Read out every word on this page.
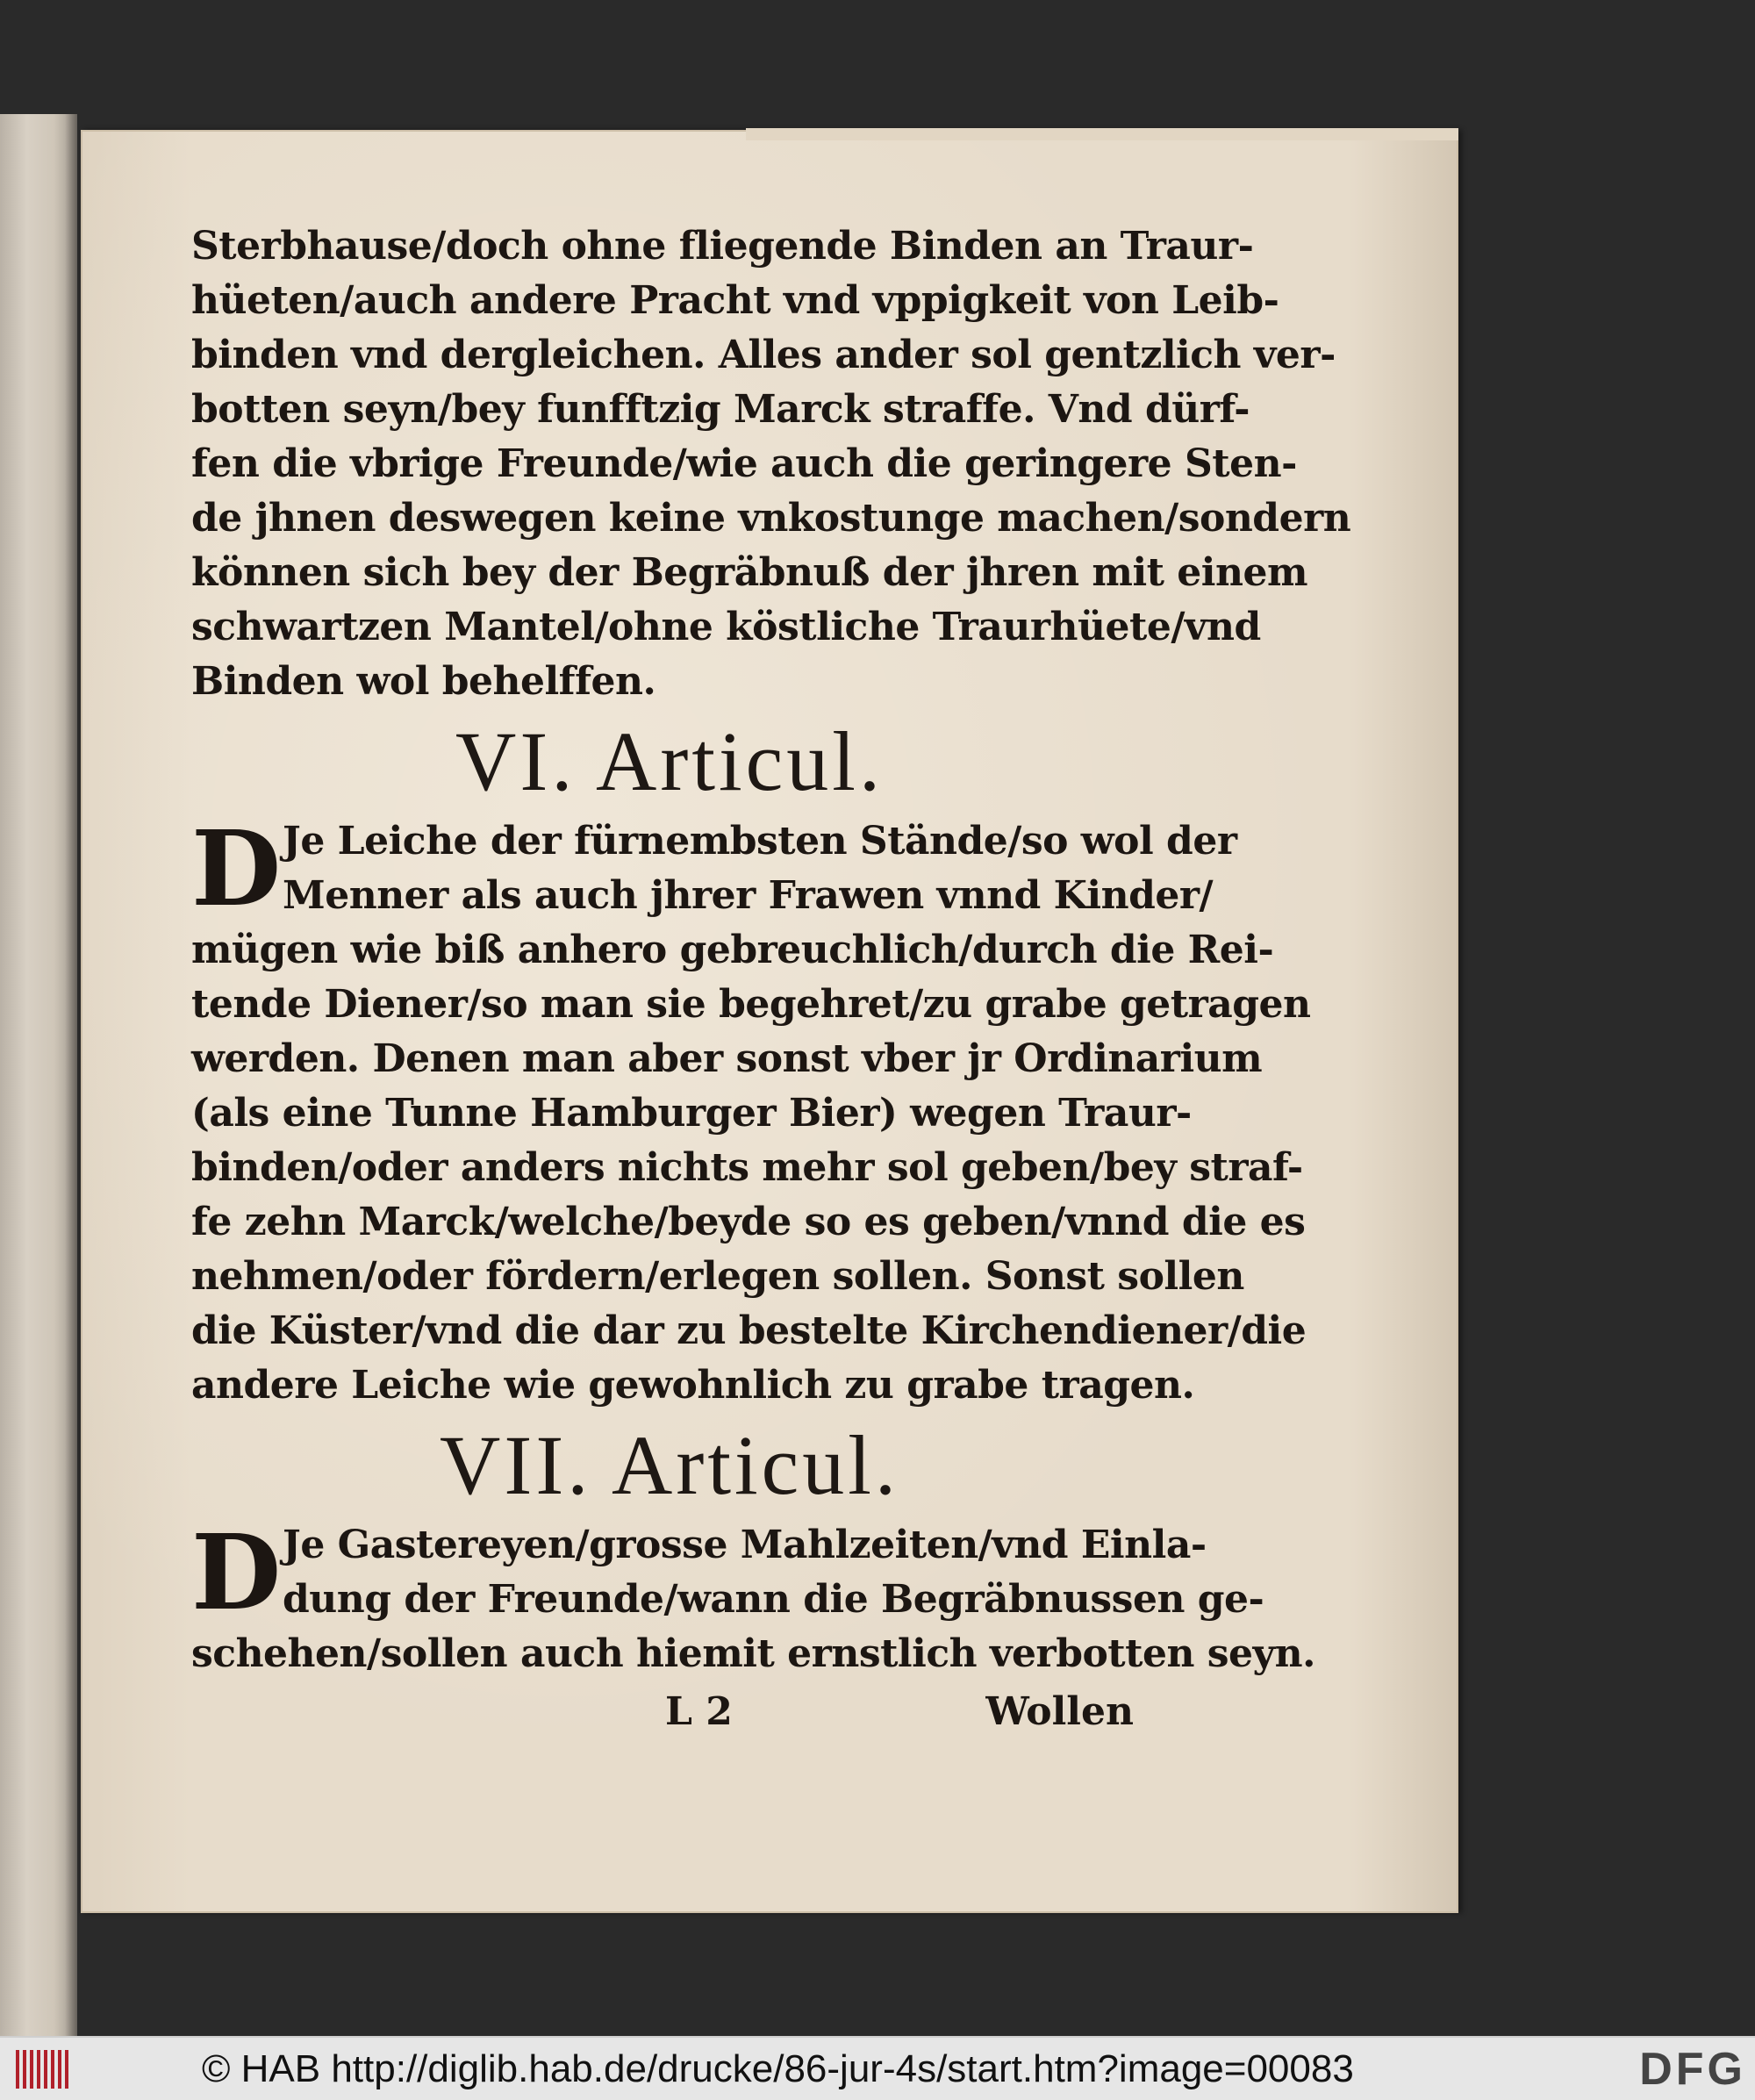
Sterbhause/doch ohne fliegende Binden an Traur-
hüeten/auch andere Pracht vnd vppigkeit von Leib-
binden vnd dergleichen. Alles ander sol gentzlich ver-
botten seyn/bey funfftzig Marck straffe. Vnd dürf-
fen die vbrige Freunde/wie auch die geringere Sten-
de jhnen deswegen keine vnkostunge machen/sondern
können sich bey der Begräbnuß der jhren mit einem
schwartzen Mantel/ohne köstliche Traurhüete/vnd
Binden wol behelffen.
VI. Articul.
D Je Leiche der fürnembsten Stände/so wol der
Menner als auch jhrer Frawen vnnd Kinder/
mügen wie biß anhero gebreuchlich/durch die Rei-
tende Diener/so man sie begehret/zu grabe getragen
werden. Denen man aber sonst vber jr Ordinarium
(als eine Tunne Hamburger Bier) wegen Traur-
binden/oder anders nichts mehr sol geben/bey straf-
fe zehn Marck/welche/beyde so es geben/vnnd die es
nehmen/oder fördern/erlegen sollen. Sonst sollen
die Küster/vnd die dar zu bestelte Kirchendiener/die
andere Leiche wie gewohnlich zu grabe tragen.
VII. Articul.
D Je Gastereyen/grosse Mahlzeiten/vnd Einla-
dung der Freunde/wann die Begräbnussen ge-
schehen/sollen auch hiemit ernstlich verbotten seyn.
L 2	Wollen
© HAB http://diglib.hab.de/drucke/86-jur-4s/start.htm?image=00083	DFG
